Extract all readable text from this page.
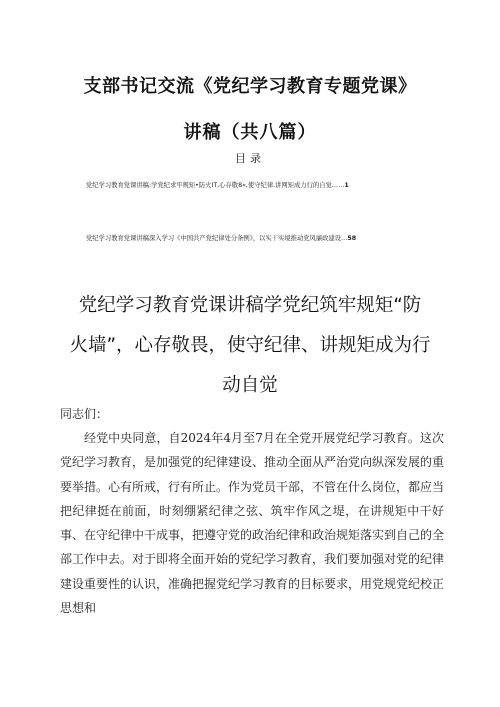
支部书记交流《党纪学习教育专题党课》
讲稿（共八篇）
目录
党纪学习教育党课讲稿:学党纪求牢规矩•防火IT,心存敬8«,使守纪律.讲网矩成力行的自觉……1
党纪学习教育党课讲稿深入学习《中国共产党纪律处分条例》，以实干实境推动党风廉政建设…58
党纪学习教育党课讲稿学党纪筑牢规矩“防
火墙”，心存敬畏，使守纪律、讲规矩成为行
动自觉
同志们：
经党中央同意，自2024年4月至7月在全党开展党纪学习教育。这次党纪学习教育，是加强党的纪律建设、推动全面从严治党向纵深发展的重要举措。心有所戒，行有所止。作为党员干部，不管在什么岗位，都应当把纪律挺在前面，时刻绷紧纪律之弦、筑牢作风之堤，在讲规矩中干好事、在守纪律中干成事，把遵守党的政治纪律和政治规矩落实到自己的全部工作中去。对于即将全面开始的党纪学习教育，我们要加强对党的纪律建设重要性的认识，准确把握党纪学习教育的目标要求，用党规党纪校正思想和
